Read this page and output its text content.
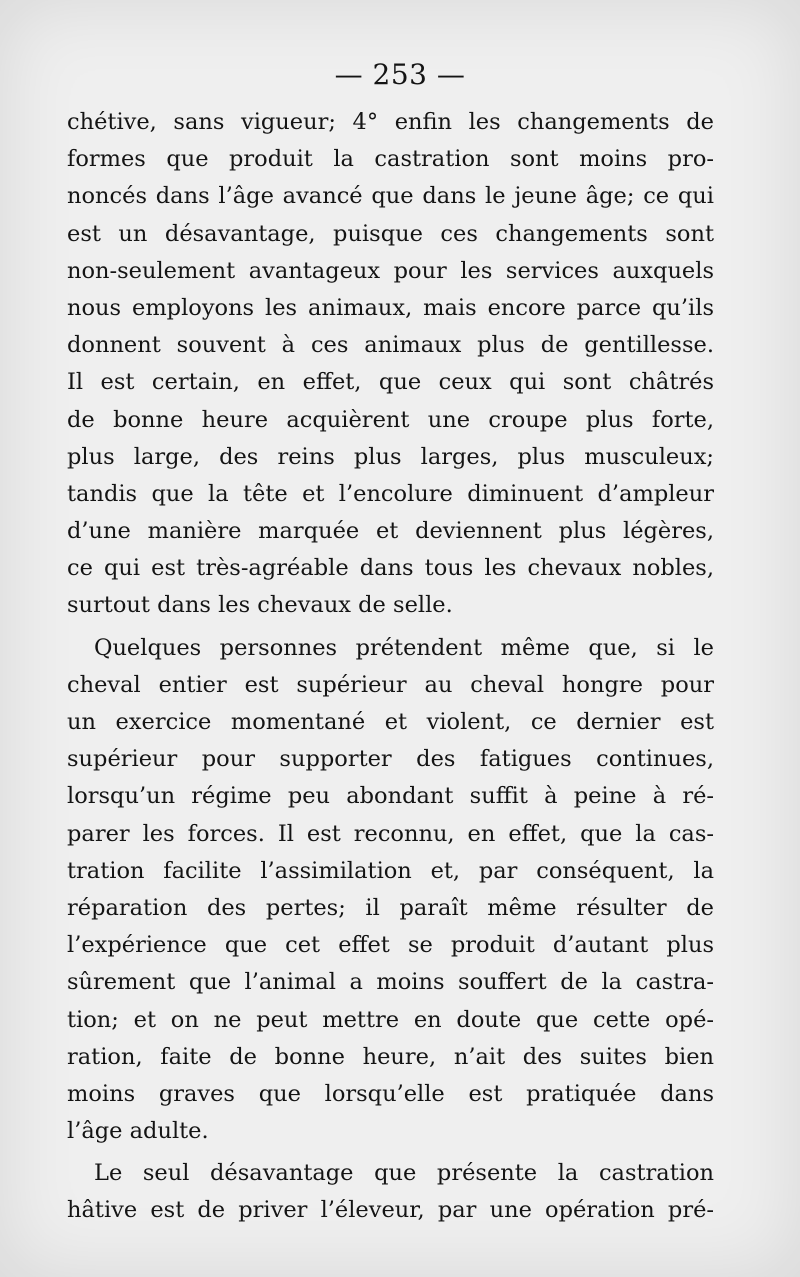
— 253 —
chétive, sans vigueur; 4° enfin les changements de
formes que produit la castration sont moins pro-
noncés dans l’âge avancé que dans le jeune âge; ce qui
est un désavantage, puisque ces changements sont
non-seulement avantageux pour les services auxquels
nous employons les animaux, mais encore parce qu’ils
donnent souvent à ces animaux plus de gentillesse.
Il est certain, en effet, que ceux qui sont châtrés
de bonne heure acquièrent une croupe plus forte,
plus large, des reins plus larges, plus musculeux;
tandis que la tête et l’encolure diminuent d’ampleur
d’une manière marquée et deviennent plus légères,
ce qui est très-agréable dans tous les chevaux nobles,
surtout dans les chevaux de selle.
Quelques personnes prétendent même que, si le
cheval entier est supérieur au cheval hongre pour
un exercice momentané et violent, ce dernier est
supérieur pour supporter des fatigues continues,
lorsqu’un régime peu abondant suffit à peine à ré-
parer les forces. Il est reconnu, en effet, que la cas-
tration facilite l’assimilation et, par conséquent, la
réparation des pertes; il paraît même résulter de
l’expérience que cet effet se produit d’autant plus
sûrement que l’animal a moins souffert de la castra-
tion; et on ne peut mettre en doute que cette opé-
ration, faite de bonne heure, n’ait des suites bien
moins graves que lorsqu’elle est pratiquée dans
l’âge adulte.
Le seul désavantage que présente la castration
hâtive est de priver l’éleveur, par une opération pré-
